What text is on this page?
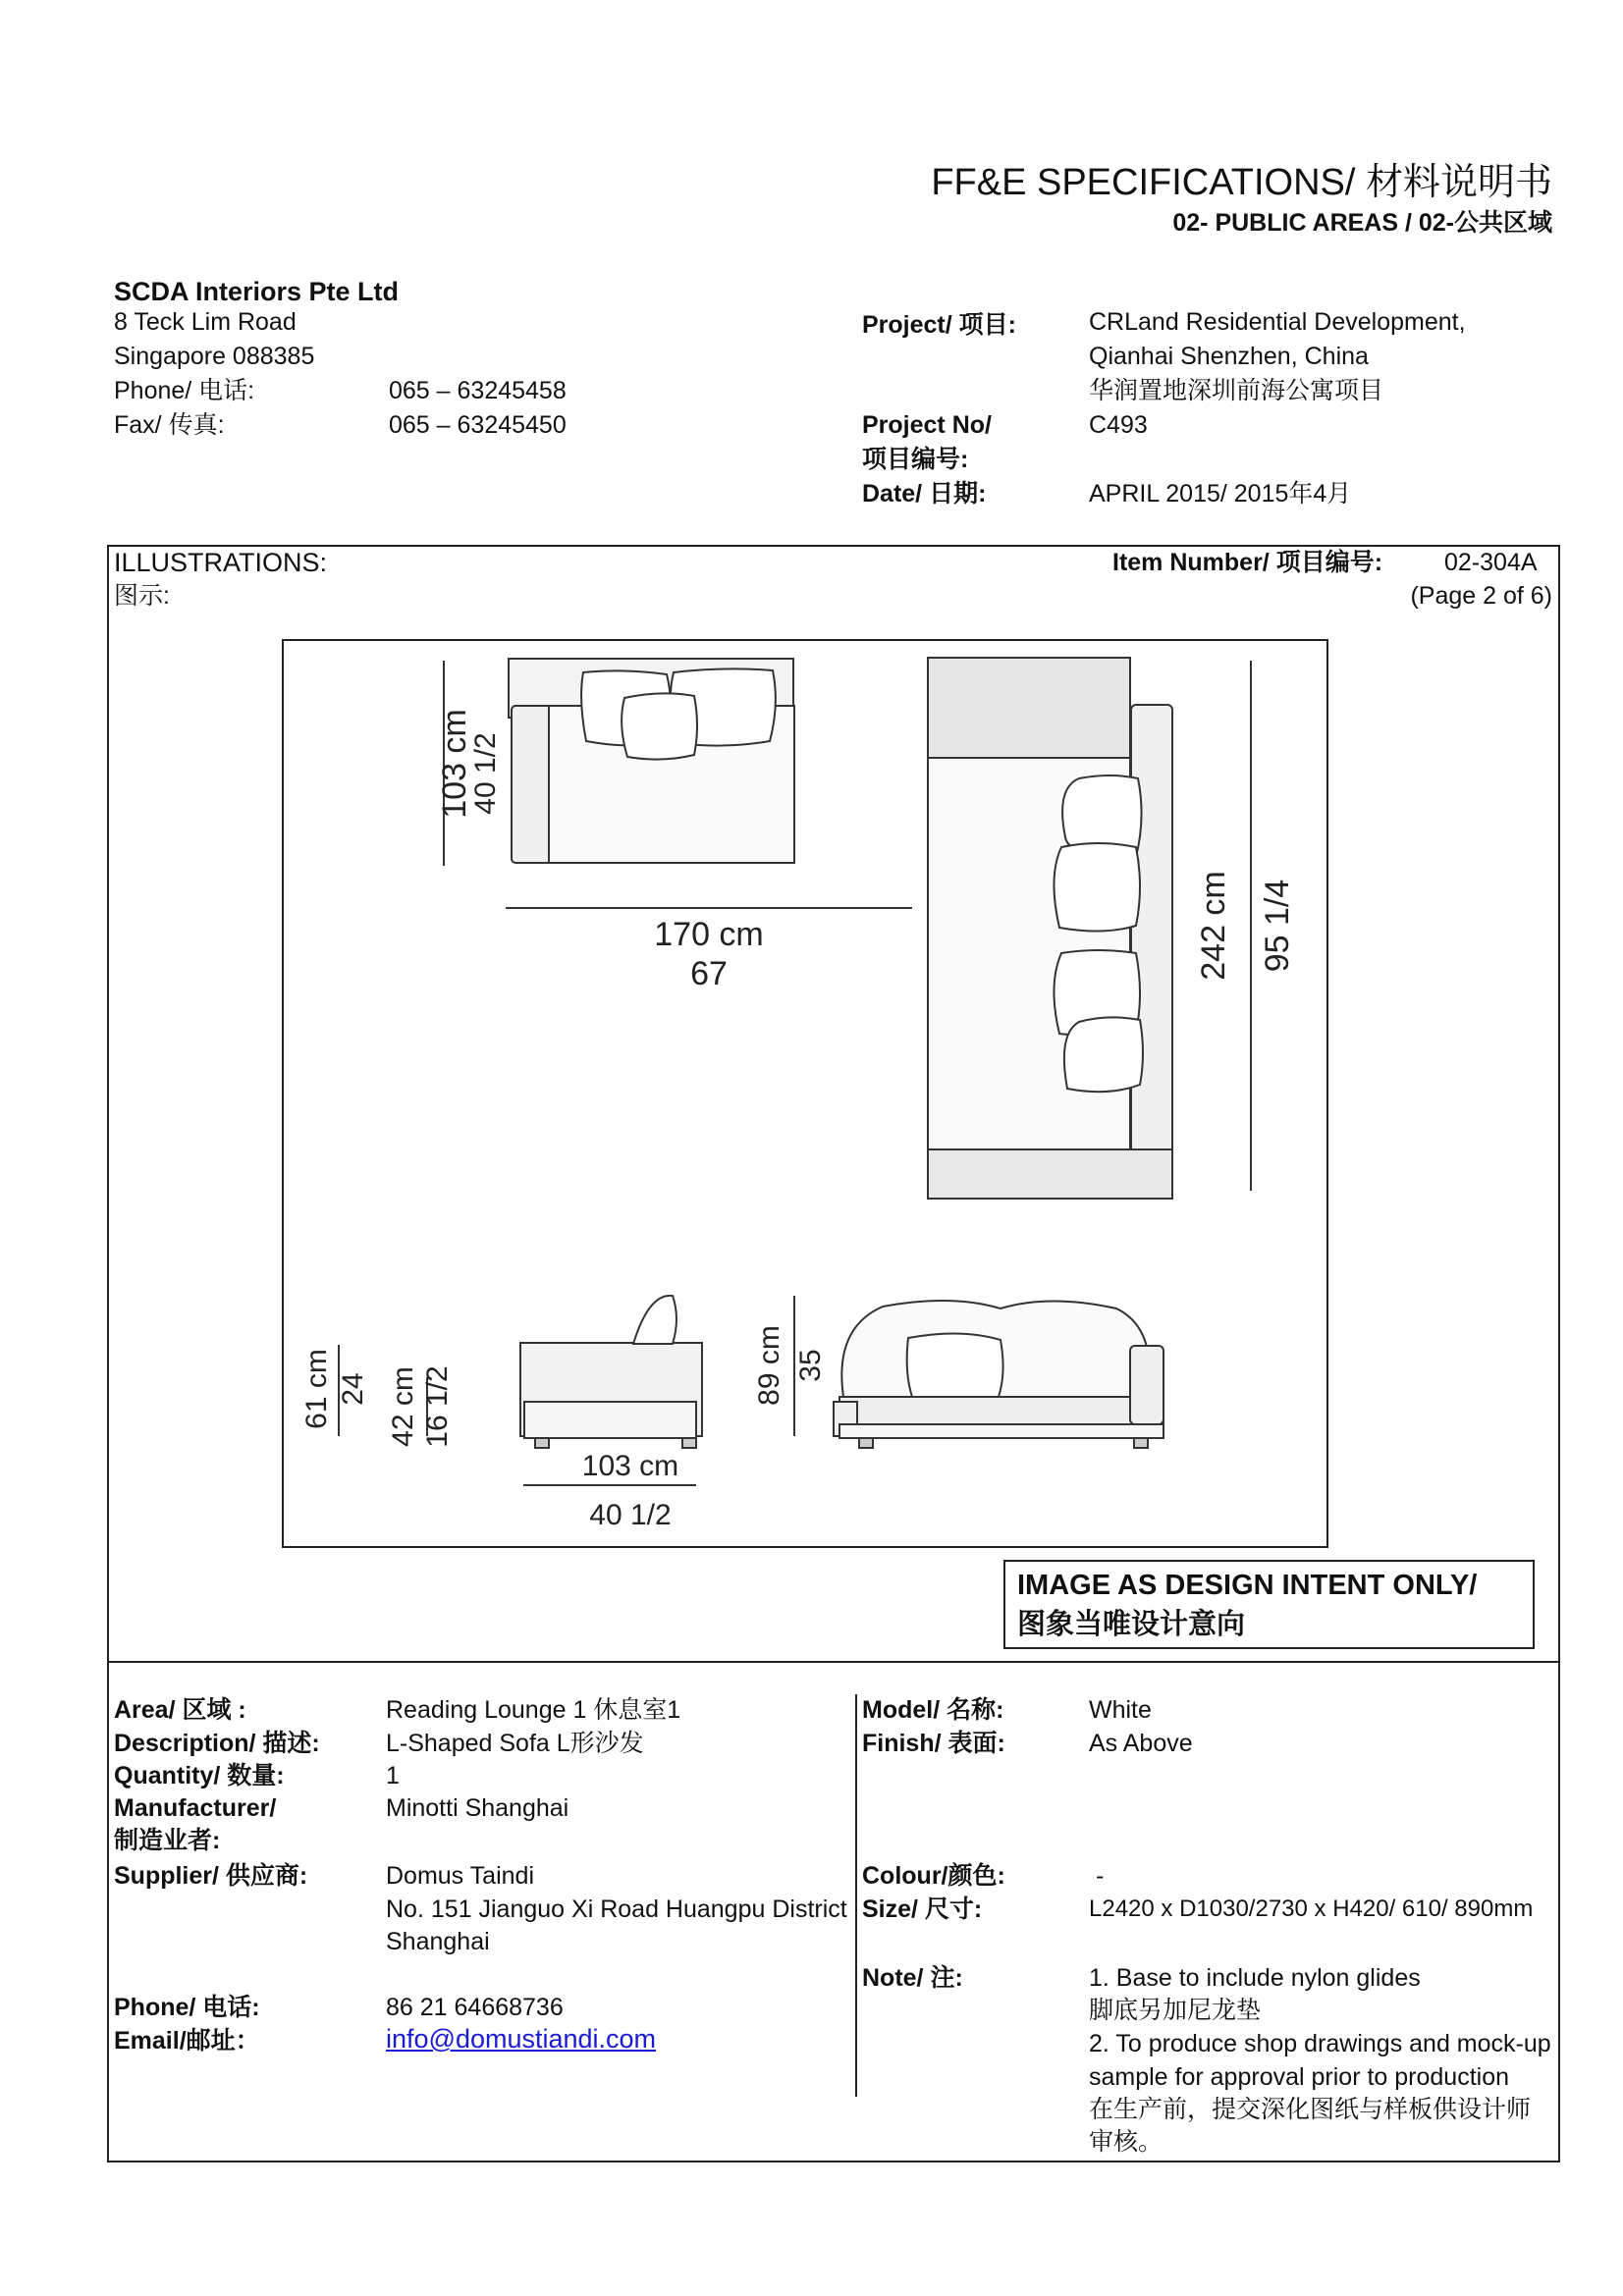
FF&E SPECIFICATIONS/ 材料说明书
02- PUBLIC AREAS / 02-公共区域
SCDA Interiors Pte Ltd
8 Teck Lim Road
Singapore 088385
Phone/ 电话:	065 – 63245458
Fax/ 传真:	065 – 63245450
Project/ 项目:	CRLand Residential Development,
Qianhai Shenzhen, China
华润置地深圳前海公寓项目
Project No/
项目编号:
C493
Date/ 日期:	APRIL 2015/ 2015年4月
ILLUSTRATIONS:
图示:
Item Number/ 项目编号:	02-304A
(Page 2 of 6)
103 cm
40 1/2
170 cm
67	242 cm 95 1/4
61 cm 24 42 cm 16 1/2
103 cm
40 1/2
89 cm 35
IMAGE AS DESIGN INTENT ONLY/
图象当唯设计意向
Area/ 区域 :	Reading Lounge 1 休息室1
Description/ 描述:	L-Shaped Sofa L形沙发
Quantity/ 数量:	1
Manufacturer/
制造业者:
Minotti Shanghai
Supplier/ 供应商:	Domus Taindi
No. 151 Jianguo Xi Road Huangpu District
Shanghai
Phone/ 电话:	86 21 64668736
Email/邮址：	info@domustiandi.com
Model/ 名称:	White
Finish/ 表面:	As Above
Colour/颜色:	-
Size/ 尺寸:	L2420 x D1030/2730 x H420/ 610/ 890mm
Note/ 注:	1. Base to include nylon glides
脚底另加尼龙垫
2. To produce shop drawings and mock-up
sample for approval prior to production
在生产前，提交深化图纸与样板供设计师
审核。
